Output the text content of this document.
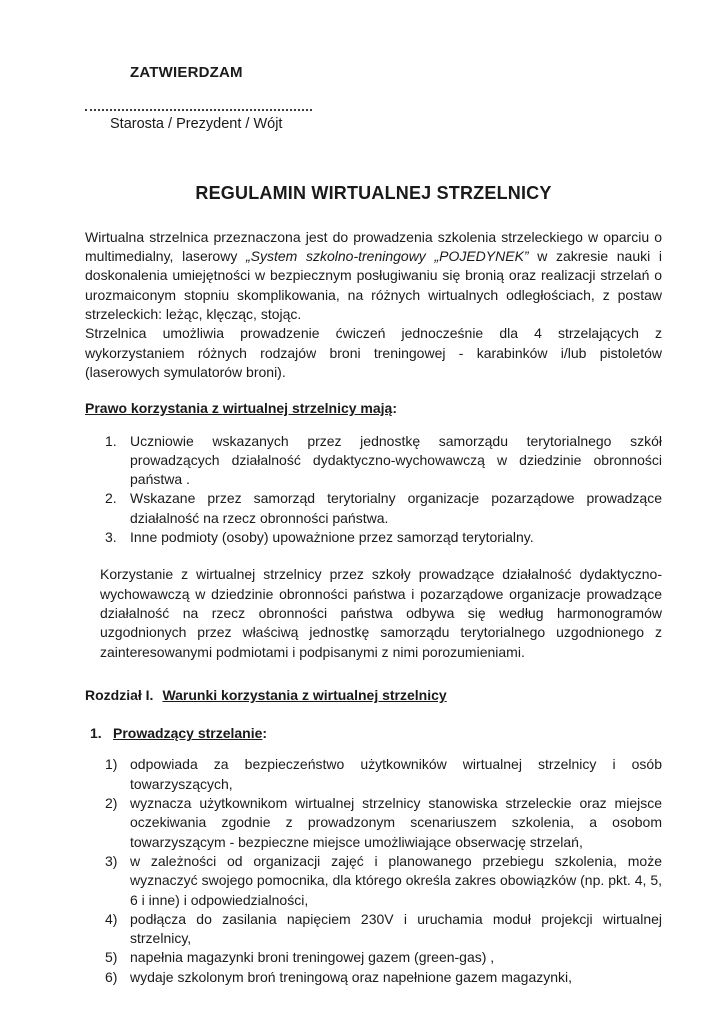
ZATWIERDZAM
Starosta / Prezydent / Wójt
REGULAMIN WIRTUALNEJ STRZELNICY

Wirtualna strzelnica przeznaczona jest do prowadzenia szkolenia strzeleckiego w oparciu o multimedialny, laserowy „System szkolno-treningowy „POJEDYNEK” w zakresie nauki i doskonalenia umiejętności w bezpiecznym posługiwaniu się bronią oraz realizacji strzelań o urozmaiconym stopniu skomplikowania, na różnych wirtualnych odległościach, z postaw strzeleckich: leżąc, klęcząc, stojąc.

Strzelnica umożliwia prowadzenie ćwiczeń jednocześnie dla 4 strzelających z wykorzystaniem różnych rodzajów broni treningowej - karabinków i/lub pistoletów (laserowych symulatorów broni).

Prawo korzystania z wirtualnej strzelnicy mają:
1. Uczniowie wskazanych przez jednostkę samorządu terytorialnego szkół prowadzących działalność dydaktyczno-wychowawczą w dziedzinie obronności państwa .
2. Wskazane przez samorząd terytorialny organizacje pozarządowe prowadzące działalność na rzecz obronności państwa.
3. Inne podmioty (osoby) upoważnione przez samorząd terytorialny.

Korzystanie z wirtualnej strzelnicy przez szkoły prowadzące działalność dydaktyczno-wychowawczą w dziedzinie obronności państwa i pozarządowe organizacje prowadzące działalność na rzecz obronności państwa odbywa się według harmonogramów uzgodnionych przez właściwą jednostkę samorządu terytorialnego uzgodnionego z zainteresowanymi podmiotami i podpisanymi z nimi porozumieniami.

Rozdział I. Warunki korzystania z wirtualnej strzelnicy
1. Prowadzący strzelanie:
1) odpowiada za bezpieczeństwo użytkowników wirtualnej strzelnicy i osób towarzyszących,
2) wyznacza użytkownikom wirtualnej strzelnicy stanowiska strzeleckie oraz miejsce oczekiwania zgodnie z prowadzonym scenariuszem szkolenia, a osobom towarzyszącym - bezpieczne miejsce umożliwiające obserwację strzelań,
3) w zależności od organizacji zajęć i planowanego przebiegu szkolenia, może wyznaczyć swojego pomocnika, dla którego określa zakres obowiązków (np. pkt. 4, 5, 6 i inne) i odpowiedzialności,
4) podłącza do zasilania napięciem 230V i uruchamia moduł projekcji wirtualnej strzelnicy,
5) napełnia magazynki broni treningowej gazem (green-gas) ,
6) wydaje szkolonym broń treningową oraz napełnione gazem magazynki,
